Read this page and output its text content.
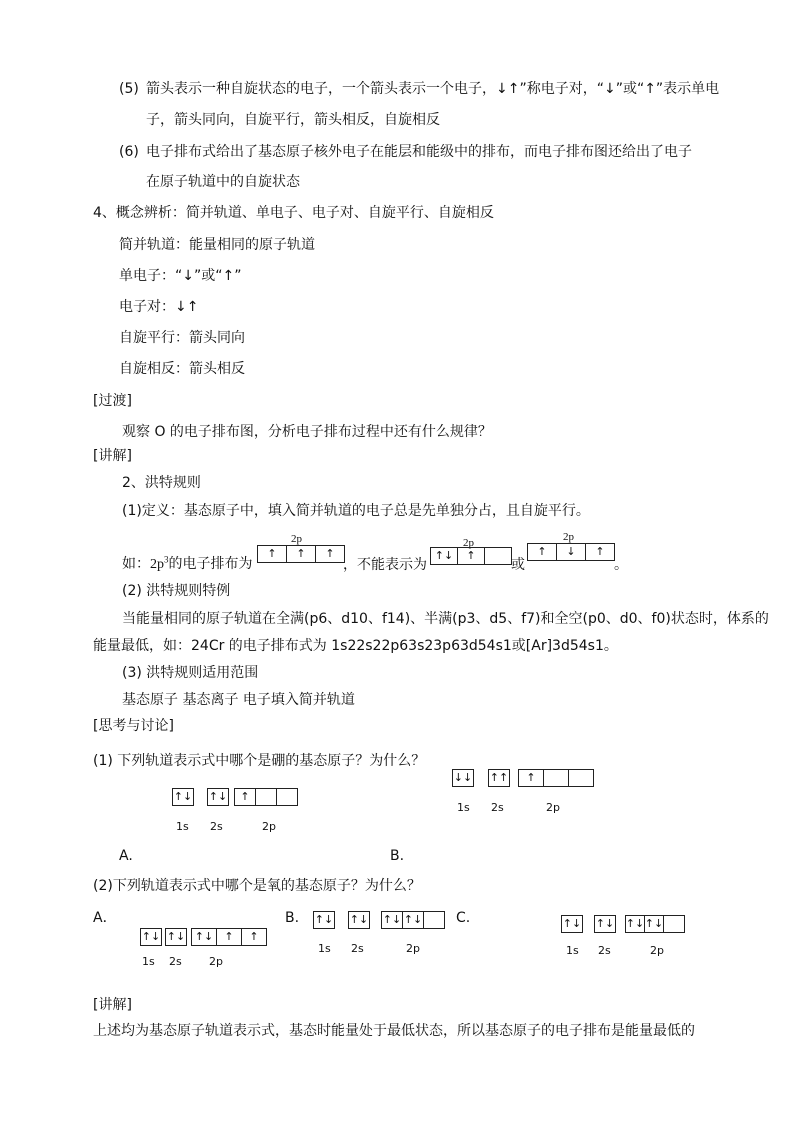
(5) 箭头表示一种自旋状态的电子，一个箭头表示一个电子，↓↑”称电子对，“↓”或“↑”表示单电
子，箭头同向，自旋平行，箭头相反，自旋相反
(6) 电子排布式给出了基态原子核外电子在能层和能级中的排布，而电子排布图还给出了电子
在原子轨道中的自旋状态
4、概念辨析：简并轨道、单电子、电子对、自旋平行、自旋相反
简并轨道：能量相同的原子轨道
单电子：“↓”或“↑”
电子对：↓↑
自旋平行：箭头同向
自旋相反：箭头相反
[过渡]
观察 O 的电子排布图，分析电子排布过程中还有什么规律？
[讲解]
2、洪特规则
(1)定义：基态原子中，填入简并轨道的电子总是先单独分占，且自旋平行。
如：$2p^3$的电子排布为
2p
↑	↑	↑
，不能表示为
2p
↑↓	↑
或
2p
↑	↓	↑
。
(2) 洪特规则特例
当能量相同的原子轨道在全满(p6、d10、f14)、半满(p3、d5、f7)和全空(p0、d0、f0)状态时，体系的
能量最低，如：24Cr 的电子排布式为 1s22s22p63s23p63d54s1或[Ar]3d54s1。
(3) 洪特规则适用范围
基态原子 基态离子 电子填入简并轨道
[思考与讨论]
(1) 下列轨道表示式中哪个是硼的基态原子？为什么？
↑↓ ↑↓	↑
1s 2s	2p
A.
↓↓ ↑↑	↑
1s 2s	2p
B.
(2)下列轨道表示式中哪个是氧的基态原子？为什么？
A．
↑↓ ↑↓ ↑↓	↑	↑
1s 2s 2p
B. ↑↓ ↑↓ ↑↓ ↑↓
1s 2s	2p
C.	↑↓ ↑↓ ↑↓ ↑↓
1s 2s	2p
[讲解]
上述均为基态原子轨道表示式，基态时能量处于最低状态，所以基态原子的电子排布是能量最低的
